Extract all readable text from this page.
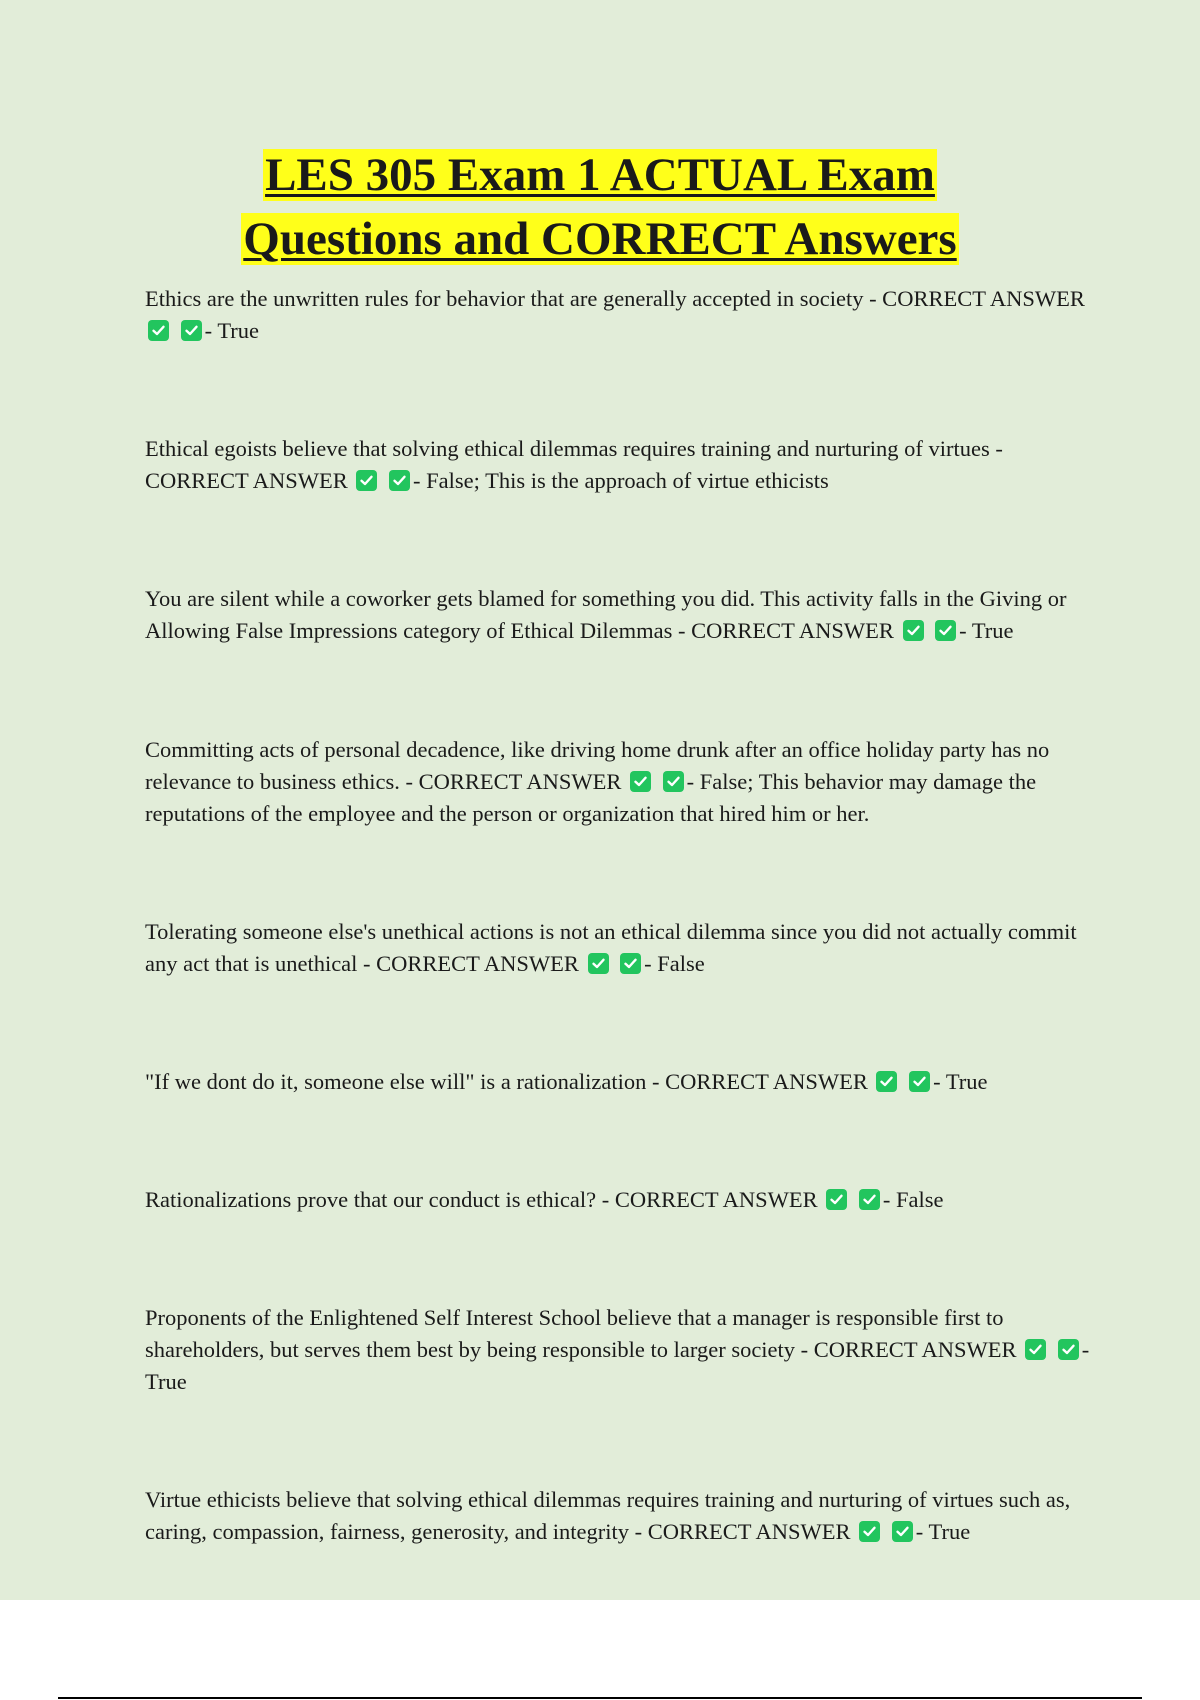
LES 305 Exam 1 ACTUAL Exam
Questions and CORRECT Answers

Ethics are the unwritten rules for behavior that are generally accepted in society - CORRECT ANSWER

- True

Ethical egoists believe that solving ethical dilemmas requires training and nurturing of virtues - CORRECT ANSWER
	- False; This is the approach of virtue ethicists

You are silent while a coworker gets blamed for something you did. This activity falls in the Giving or Allowing False Impressions category of Ethical Dilemmas - CORRECT ANSWER
	- True

Committing acts of personal decadence, like driving home drunk after an office holiday party has no relevance to business ethics. - CORRECT ANSWER
	- False; This behavior may damage the reputations of the employee and the person or organization that hired him or her.

Tolerating someone else's unethical actions is not an ethical dilemma since you did not actually commit any act that is unethical - CORRECT ANSWER
	- False

"If we dont do it, someone else will" is a rationalization - CORRECT ANSWER
	- True

Rationalizations prove that our conduct is ethical? - CORRECT ANSWER
	- False

Proponents of the Enlightened Self Interest School believe that a manager is responsible first to shareholders, but serves them best by being responsible to larger society - CORRECT ANSWER
	- True

Virtue ethicists believe that solving ethical dilemmas requires training and nurturing of virtues such as, caring, compassion, fairness, generosity, and integrity - CORRECT ANSWER
	- True
